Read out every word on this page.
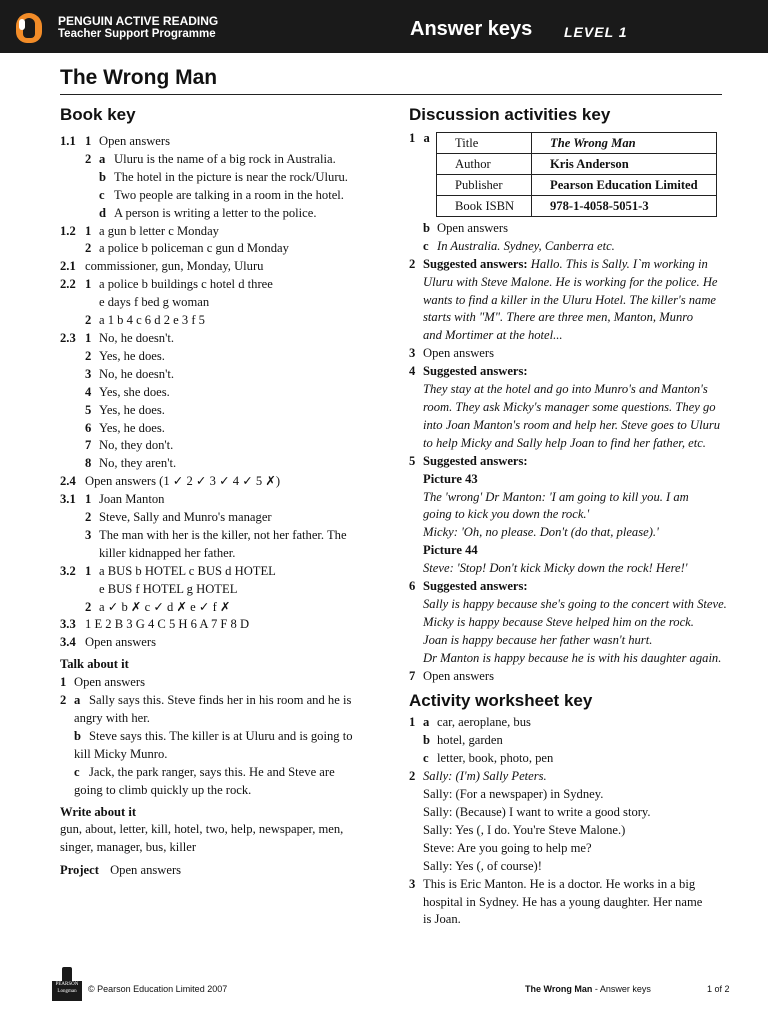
PENGUIN ACTIVE READING
Teacher Support Programme	Answer keys LEVEL 1
The Wrong Man
Book key
1.1 1 Open answers
2 a Uluru is the name of a big rock in Australia.
b The hotel in the picture is near the rock/Uluru.
c Two people are talking in a room in the hotel.
d A person is writing a letter to the police.
1.2 1 a gun b letter c Monday
2 a police b policeman c gun d Monday
2.1 commissioner, gun, Monday, Uluru
2.2 1 a police b buildings c hotel d three
e days f bed g woman
2 a 1 b 4 c 6 d 2 e 3 f 5
2.3 1 No, he doesn't.
2 Yes, he does.
3 No, he doesn't.
4 Yes, she does.
5 Yes, he does.
6 Yes, he does.
7 No, they don't.
8 No, they aren't.
2.4 Open answers (1 ✓ 2 ✓ 3 ✓ 4 ✓ 5 ✗)
3.1 1 Joan Manton
2 Steve, Sally and Munro's manager
3 The man with her is the killer, not her father. The
killer kidnapped her father.
3.2 1 a BUS b HOTEL c BUS d HOTEL
e BUS f HOTEL g HOTEL
2 a ✓ b ✗ c ✓ d ✗ e ✓ f ✗
3.3 1 E 2 B 3 G 4 C 5 H 6 A 7 F 8 D
3.4 Open answers
Talk about it
1 Open answers
2 a Sally says this. Steve finds her in his room and he is
angry with her.
b Steve says this. The killer is at Uluru and is going to
kill Micky Munro.
c Jack, the park ranger, says this. He and Steve are
going to climb quickly up the rock.
Write about it
gun, about, letter, kill, hotel, two, help, newspaper, men,
singer, manager, bus, killer
Project Open answers
Discussion activities key
1 a	Title	The Wrong Man
Author	Kris Anderson
Publisher	Pearson Education Limited
Book ISBN	978-1-4058-5051-3
b Open answers
c In Australia. Sydney, Canberra etc.
2 Suggested answers: Hallo. This is Sally. I`m working in
Uluru with Steve Malone. He is working for the police. He
wants to find a killer in the Uluru Hotel. The killer's name
starts with "M". There are three men, Manton, Munro
and Mortimer at the hotel...
3 Open answers
4 Suggested answers:
They stay at the hotel and go into Munro's and Manton's
room. They ask Micky's manager some questions. They go
into Joan Manton's room and help her. Steve goes to Uluru
to help Micky and Sally help Joan to find her father, etc.
5 Suggested answers:
Picture 43
The 'wrong' Dr Manton: 'I am going to kill you. I am
going to kick you down the rock.'
Micky: 'Oh, no please. Don't (do that, please).'
Picture 44
Steve: 'Stop! Don't kick Micky down the rock! Here!'
6 Suggested answers:
Sally is happy because she's going to the concert with Steve.
Micky is happy because Steve helped him on the rock.
Joan is happy because her father wasn't hurt.
Dr Manton is happy because he is with his daughter again.
7 Open answers
Activity worksheet key
1 a car, aeroplane, bus
b hotel, garden
c letter, book, photo, pen
2 Sally: (I'm) Sally Peters.
Sally: (For a newspaper) in Sydney.
Sally: (Because) I want to write a good story.
Sally: Yes (, I do. You're Steve Malone.)
Steve: Are you going to help me?
Sally: Yes (, of course)!
3 This is Eric Manton. He is a doctor. He works in a big
hospital in Sydney. He has a young daughter. Her name
is Joan.
PEARSON Longman	© Pearson Education Limited 2007	The Wrong Man - Answer keys	1 of 2
